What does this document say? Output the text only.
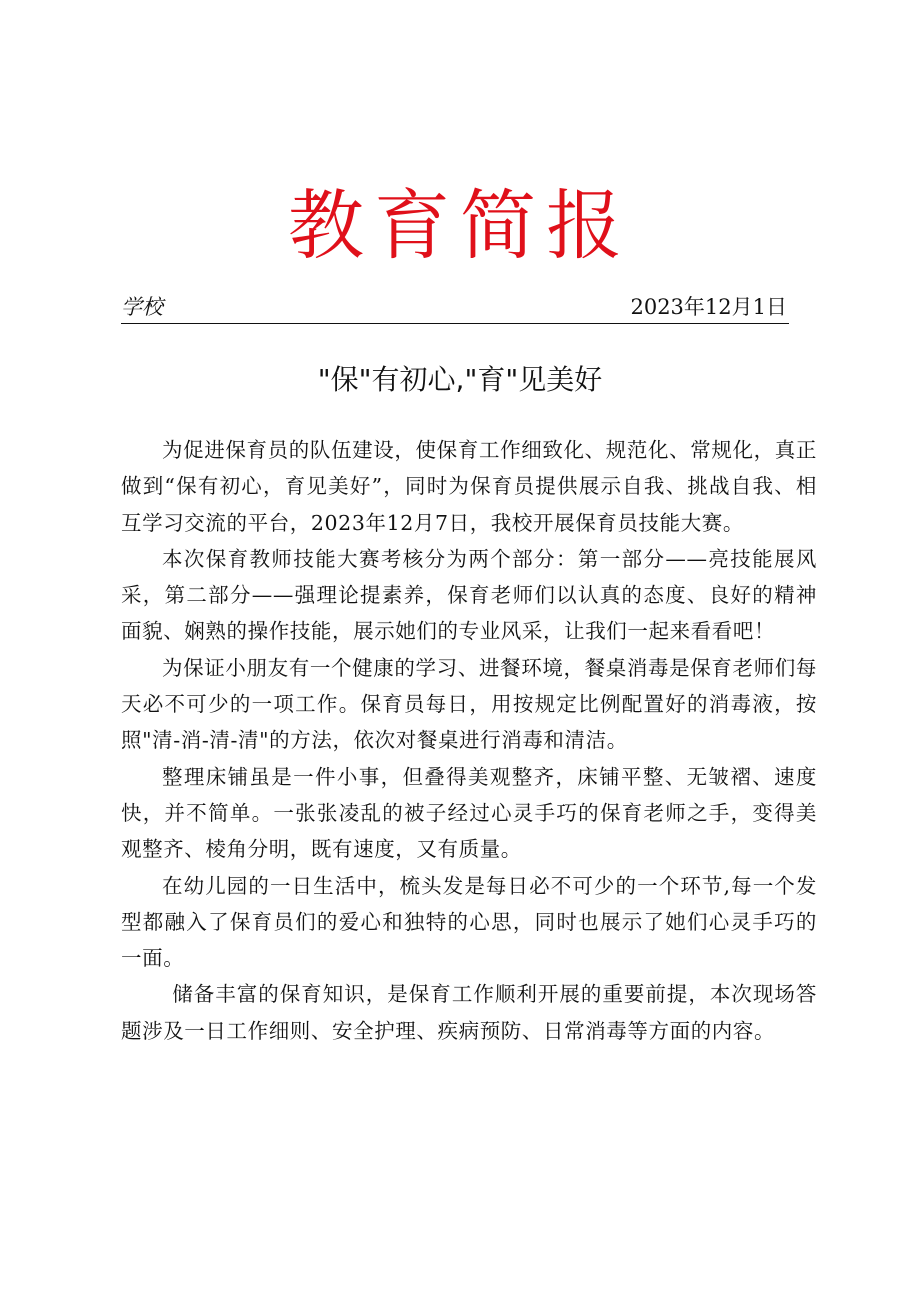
教育简报
学校	2023年12月1日
"保"有初心,"育"见美好

为促进保育员的队伍建设，使保育工作细致化、规范化、常规化，真正做到“保有初心，育见美好”，同时为保育员提供展示自我、挑战自我、相互学习交流的平台，2023年12月7日，我校开展保育员技能大赛。

本次保育教师技能大赛考核分为两个部分：第一部分——亮技能展风采，第二部分——强理论提素养，保育老师们以认真的态度、良好的精神面貌、娴熟的操作技能，展示她们的专业风采，让我们一起来看看吧！

为保证小朋友有一个健康的学习、进餐环境，餐桌消毒是保育老师们每天必不可少的一项工作。保育员每日，用按规定比例配置好的消毒液，按照"清-消-清-清"的方法，依次对餐桌进行消毒和清洁。

整理床铺虽是一件小事，但叠得美观整齐，床铺平整、无皱褶、速度快，并不简单。一张张凌乱的被子经过心灵手巧的保育老师之手，变得美观整齐、棱角分明，既有速度，又有质量。

在幼儿园的一日生活中，梳头发是每日必不可少的一个环节,每一个发型都融入了保育员们的爱心和独特的心思，同时也展示了她们心灵手巧的一面。

储备丰富的保育知识，是保育工作顺利开展的重要前提，本次现场答题涉及一日工作细则、安全护理、疾病预防、日常消毒等方面的内容。
